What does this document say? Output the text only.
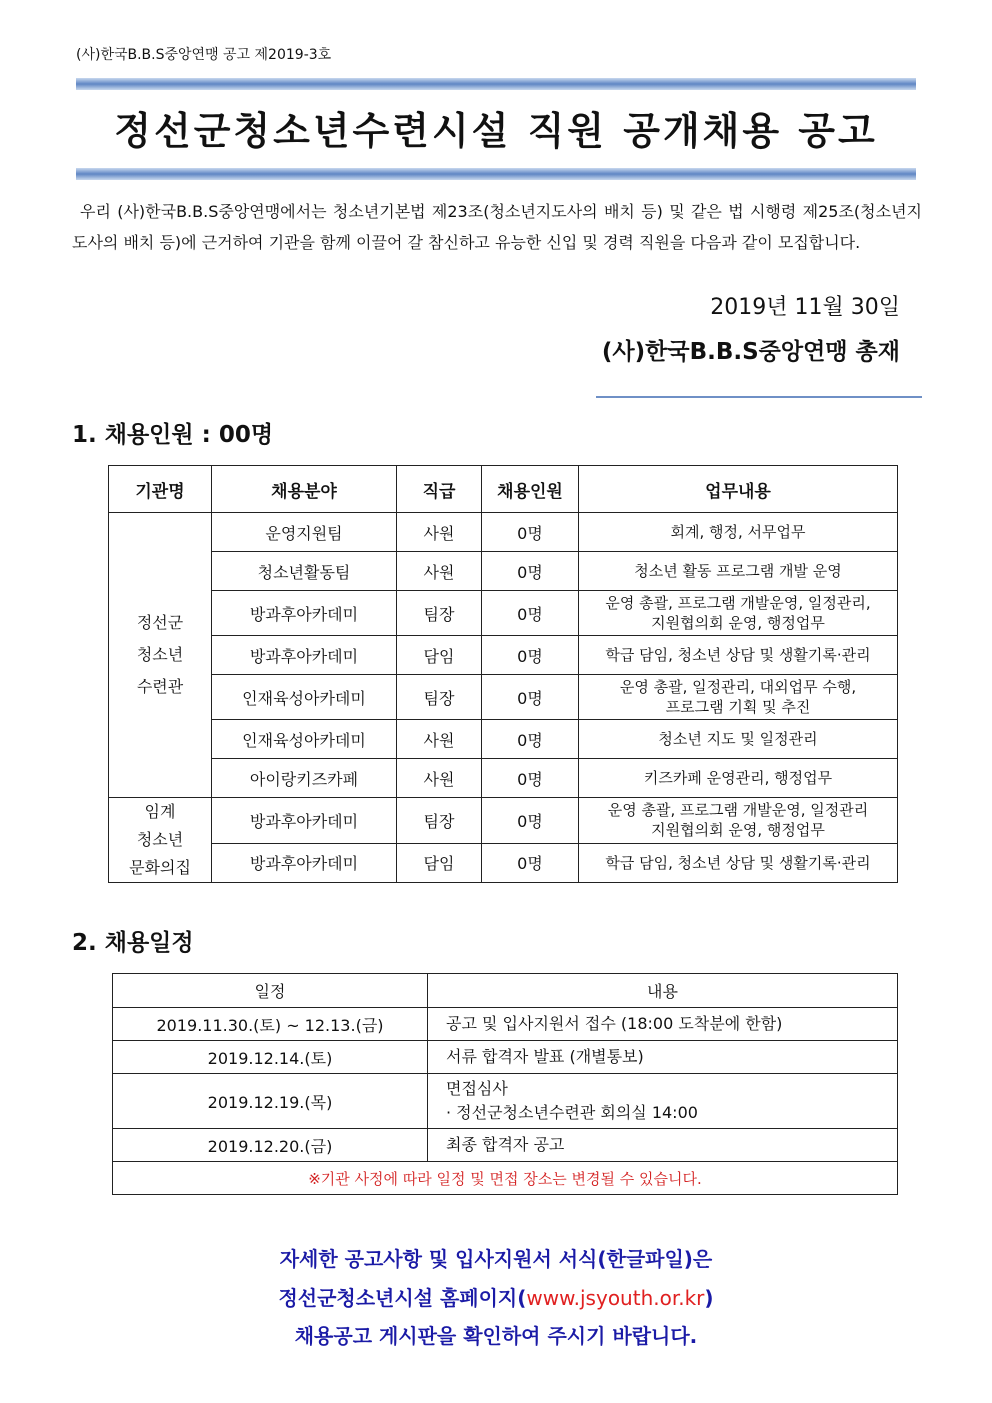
(사)한국B.B.S중앙연맹 공고 제2019-3호
정선군청소년수련시설 직원 공개채용 공고

우리 (사)한국B.B.S중앙연맹에서는 청소년기본법 제23조(청소년지도사의 배치 등) 및 같은 법 시행령 제25조(청소년지도사의 배치 등)에 근거하여 기관을 함께 이끌어 갈 참신하고 유능한 신입 및 경력 직원을 다음과 같이 모집합니다.

2019년 11월 30일
(사)한국B.B.S중앙연맹 총재
1. 채용인원 : 00명
기관명	채용분야	직급	채용인원	업무내용
정선군
청소년
수련관	운영지원팀	사원	0명	회계, 행정, 서무업무
	청소년활동팀	사원	0명	청소년 활동 프로그램 개발 운영
	방과후아카데미	팀장	0명	운영 총괄, 프로그램 개발운영, 일정관리,
지원협의회 운영, 행정업무
	방과후아카데미	담임	0명	학급 담임, 청소년 상담 및 생활기록·관리
	인재육성아카데미	팀장	0명	운영 총괄, 일정관리, 대외업무 수행,
프로그램 기획 및 추진
	인재육성아카데미	사원	0명	청소년 지도 및 일정관리
	아이랑키즈카페	사원	0명	키즈카페 운영관리, 행정업무
임계
청소년
문화의집	방과후아카데미	팀장	0명	운영 총괄, 프로그램 개발운영, 일정관리
지원협의회 운영, 행정업무
	방과후아카데미	담임	0명	학급 담임, 청소년 상담 및 생활기록·관리
2. 채용일정
일정	내용
2019.11.30.(토) ~ 12.13.(금)	공고 및 입사지원서 접수 (18:00 도착분에 한함)
2019.12.14.(토)	서류 합격자 발표 (개별통보)
2019.12.19.(목)	면접심사
· 정선군청소년수련관 회의실 14:00
2019.12.20.(금)	최종 합격자 공고
※기관 사정에 따라 일정 및 면접 장소는 변경될 수 있습니다.	
자세한 공고사항 및 입사지원서 서식(한글파일)은
정선군청소년시설 홈페이지(www.jsyouth.or.kr)
채용공고 게시판을 확인하여 주시기 바랍니다.
